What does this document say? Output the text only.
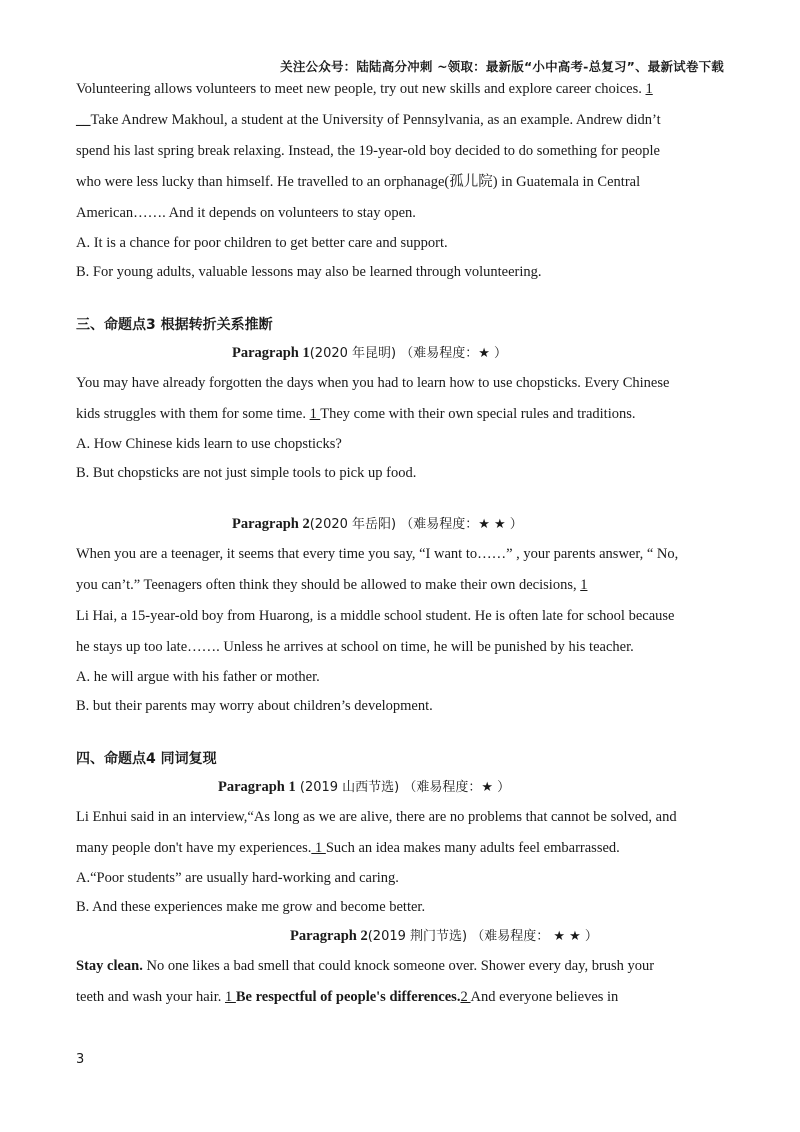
关注公众号：陆陆高分冲刺 ~领取：最新版“小中高考-总复习”、最新试卷下载

Volunteering allows volunteers to meet new people, try out new skills and explore career choices. 1

__Take Andrew Makhoul, a student at the University of Pennsylvania, as an example. Andrew didn’t

spend his last spring break relaxing. Instead, the 19-year-old boy decided to do something for people

who were less lucky than himself. He travelled to an orphanage(孤儿院) in Guatemala in Central

American……. And it depends on volunteers to stay open.

A. It is a chance for poor children to get better care and support.

B. For young adults, valuable lessons may also be learned through volunteering.

三、命题点3 根据转折关系推断

Paragraph 1(2020 年昆明) （难易程度：★ ）

You may have already forgotten the days when you had to learn how to use chopsticks. Every Chinese

kids struggles with them for some time. 1 They come with their own special rules and traditions.

A. How Chinese kids learn to use chopsticks?

B. But chopsticks are not just simple tools to pick up food.

Paragraph 2(2020 年岳阳) （难易程度：★ ★ ）

When you are a teenager, it seems that every time you say, “I want to……” , your parents answer, “ No,

you can’t.” Teenagers often think they should be allowed to make their own decisions, 1

Li Hai, a 15-year-old boy from Huarong, is a middle school student. He is often late for school because

he stays up too late……. Unless he arrives at school on time, he will be punished by his teacher.

A. he will argue with his father or mother.

B. but their parents may worry about children’s development.

四、命题点4 同词复现

Paragraph 1 (2019 山西节选) （难易程度：★ ）

Li Enhui said in an interview,“As long as we are alive, there are no problems that cannot be solved, and

many people don't have my experiences. 1 Such an idea makes many adults feel embarrassed.

A.“Poor students” are usually hard-working and caring.

B. And these experiences make me grow and become better.

Paragraph 2(2019 荆门节选) （难易程度： ★ ★ ）

Stay clean. No one likes a bad smell that could knock someone over. Shower every day, brush your

teeth and wash your hair. 1 Be respectful of people's differences.2 And everyone believes in

3
